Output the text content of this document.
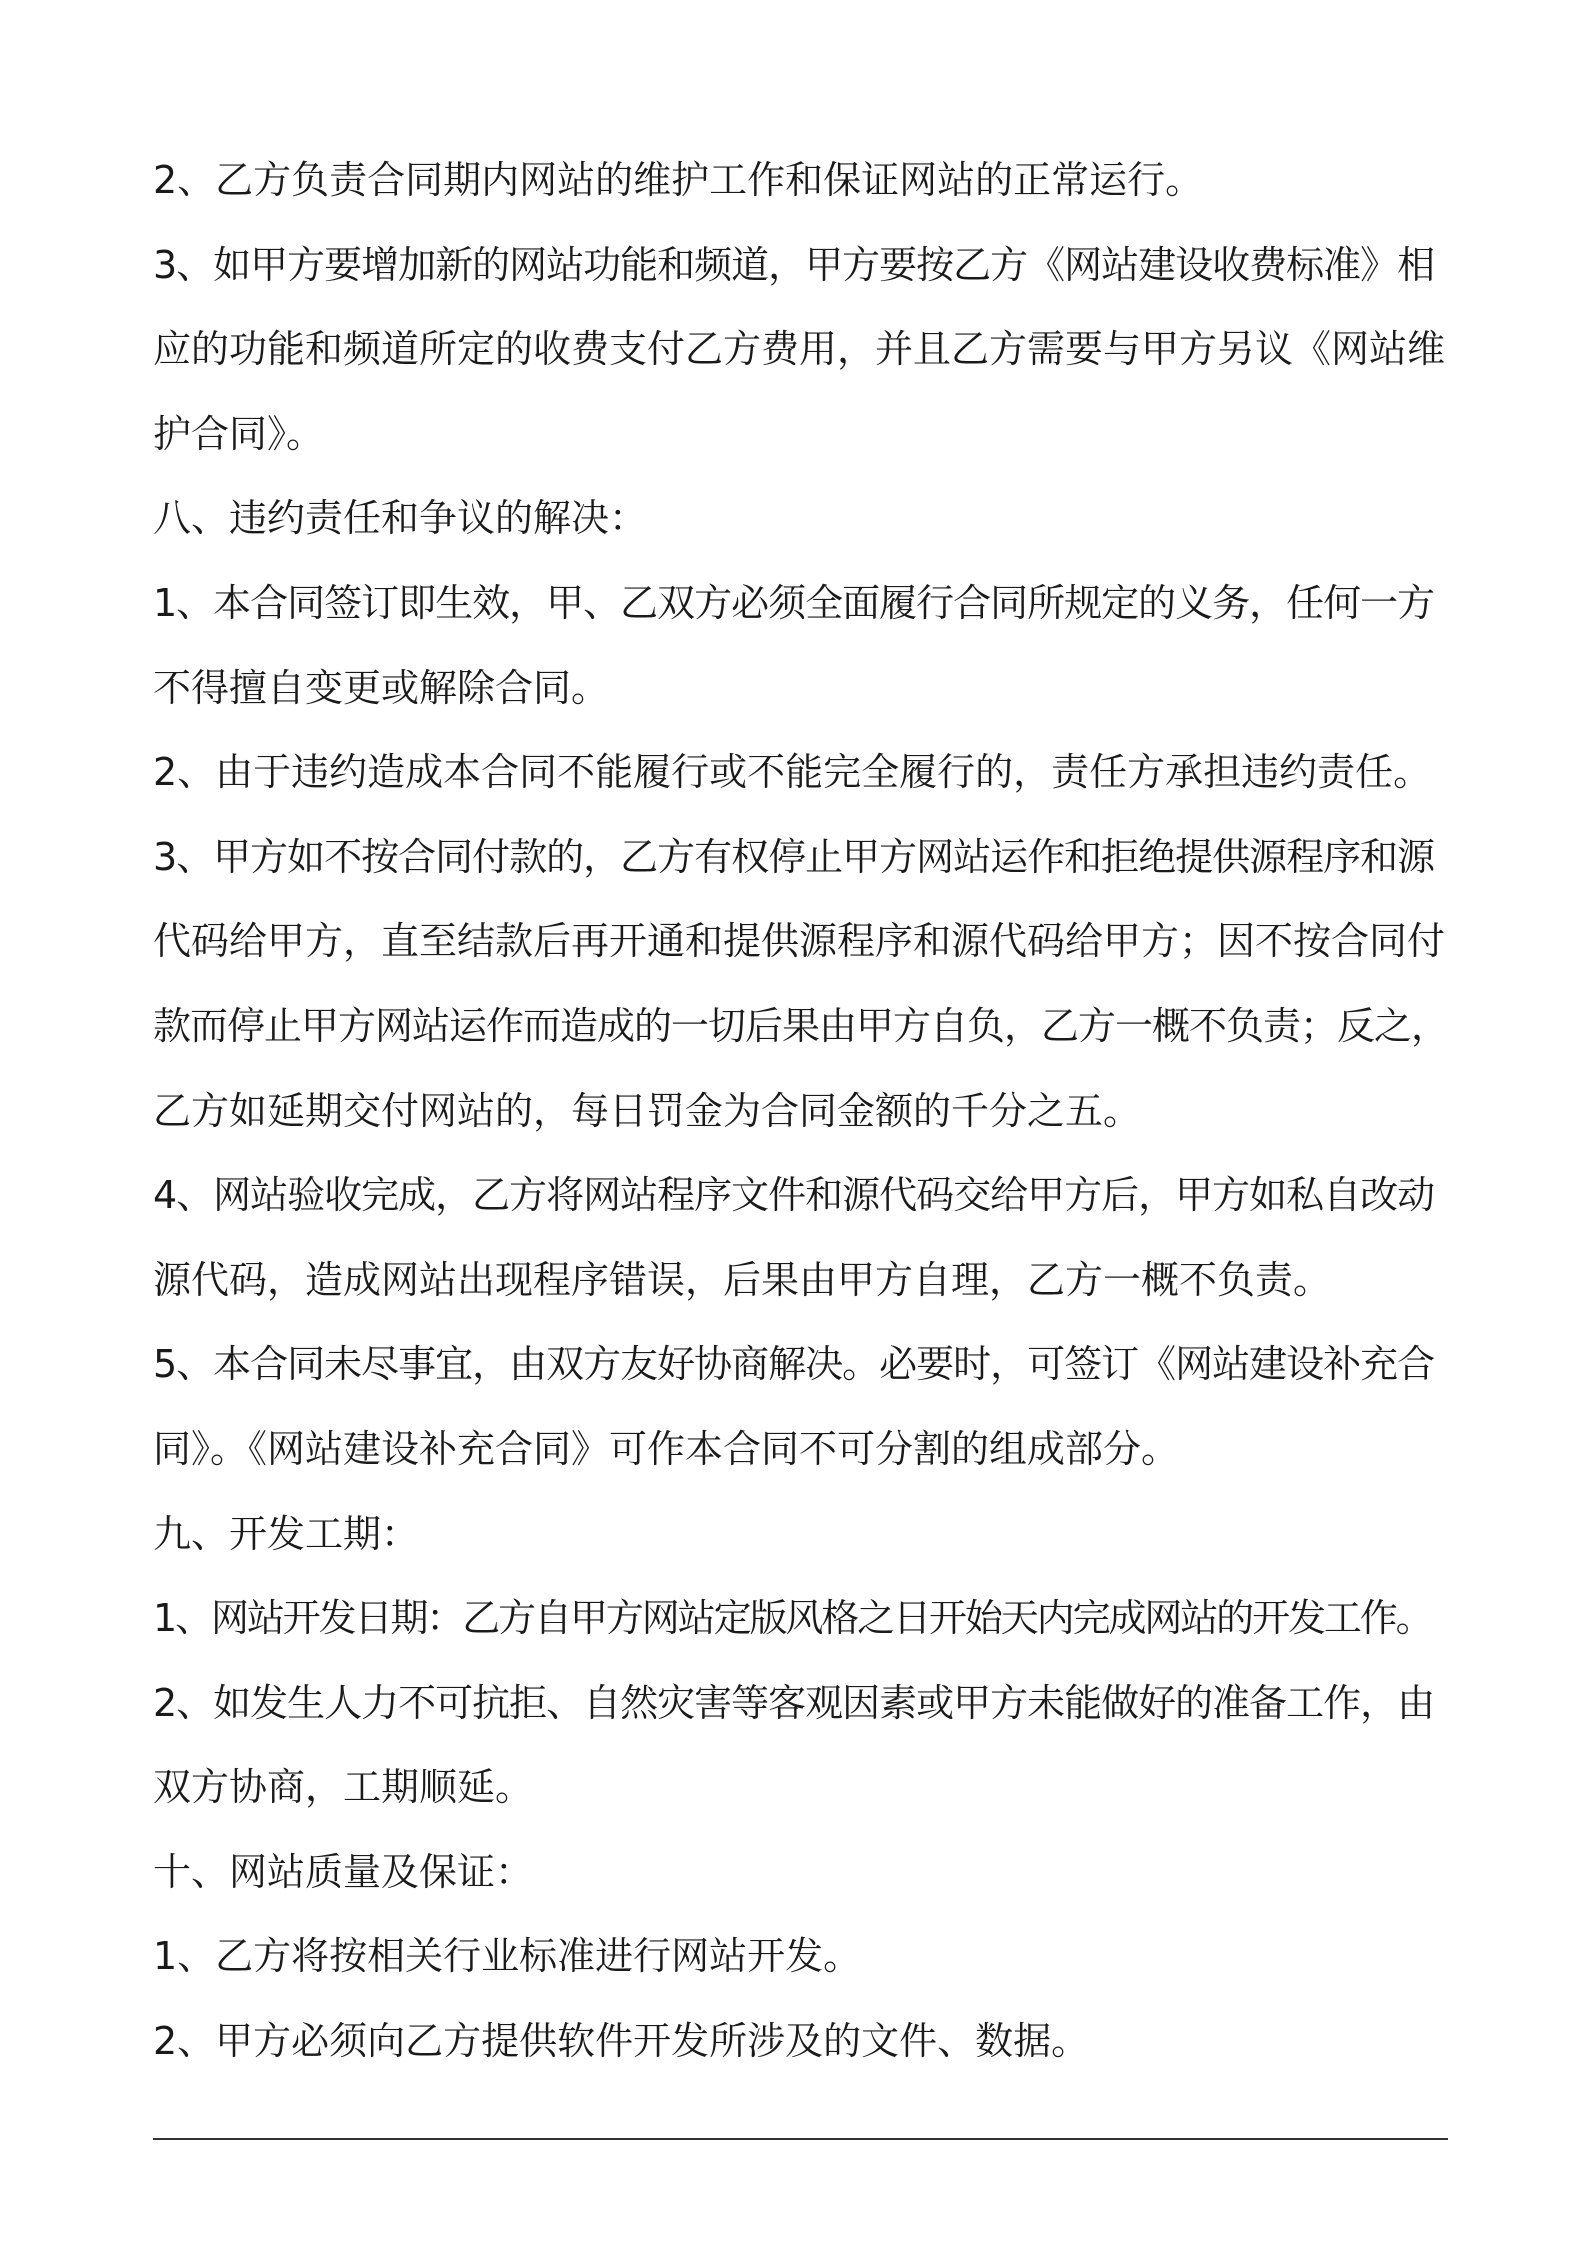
2、乙方负责合同期内网站的维护工作和保证网站的正常运行。
3、如甲方要增加新的网站功能和频道，甲方要按乙方《网站建设收费标准》相
应的功能和频道所定的收费支付乙方费用，并且乙方需要与甲方另议《网站维
护合同》。
八、违约责任和争议的解决：
1、本合同签订即生效，甲、乙双方必须全面履行合同所规定的义务，任何一方
不得擅自变更或解除合同。
2、由于违约造成本合同不能履行或不能完全履行的，责任方承担违约责任。
3、甲方如不按合同付款的，乙方有权停止甲方网站运作和拒绝提供源程序和源
代码给甲方，直至结款后再开通和提供源程序和源代码给甲方；因不按合同付
款而停止甲方网站运作而造成的一切后果由甲方自负，乙方一概不负责；反之，
乙方如延期交付网站的，每日罚金为合同金额的千分之五。
4、网站验收完成，乙方将网站程序文件和源代码交给甲方后，甲方如私自改动
源代码，造成网站出现程序错误，后果由甲方自理，乙方一概不负责。
5、本合同未尽事宜，由双方友好协商解决。必要时，可签订《网站建设补充合
同》。《网站建设补充合同》可作本合同不可分割的组成部分。
九、开发工期：
1、网站开发日期：乙方自甲方网站定版风格之日开始天内完成网站的开发工作。
2、如发生人力不可抗拒、自然灾害等客观因素或甲方未能做好的准备工作，由
双方协商，工期顺延。
十、网站质量及保证：
1、乙方将按相关行业标准进行网站开发。
2、甲方必须向乙方提供软件开发所涉及的文件、数据。
